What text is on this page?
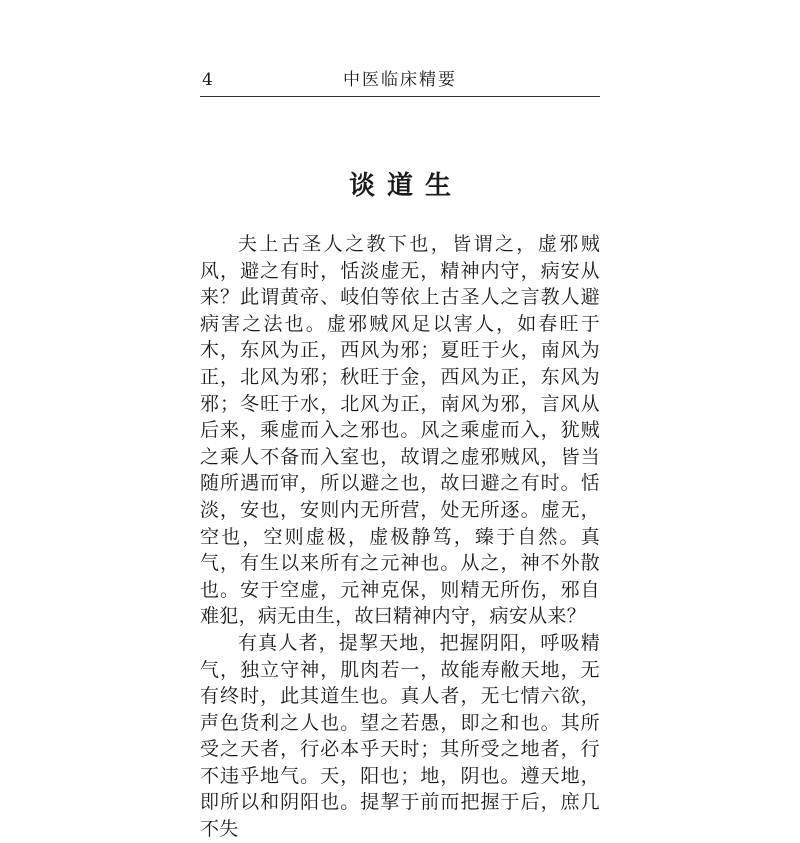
4	中医临床精要
谈道生

夫上古圣人之教下也，皆谓之，虚邪贼风，避之有时，恬淡虚无，精神内守，病安从来？此谓黄帝、岐伯等依上古圣人之言教人避病害之法也。虚邪贼风足以害人，如春旺于木，东风为正，西风为邪；夏旺于火，南风为正，北风为邪；秋旺于金，西风为正，东风为邪；冬旺于水，北风为正，南风为邪，言风从后来，乘虚而入之邪也。风之乘虚而入，犹贼之乘人不备而入室也，故谓之虚邪贼风，皆当随所遇而审，所以避之也，故曰避之有时。恬淡，安也，安则内无所营，处无所逐。虚无，空也，空则虚极，虚极静笃，臻于自然。真气，有生以来所有之元神也。从之，神不外散也。安于空虚，元神克保，则精无所伤，邪自难犯，病无由生，故曰精神内守，病安从来？

有真人者，提挈天地，把握阴阳，呼吸精气，独立守神，肌肉若一，故能寿敝天地，无有终时，此其道生也。真人者，无七情六欲，声色货利之人也。望之若愚，即之和也。其所受之天者，行必本乎天时；其所受之地者，行不违乎地气。天，阳也；地，阴也。遵天地，即所以和阴阳也。提挈于前而把握于后，庶几不失
